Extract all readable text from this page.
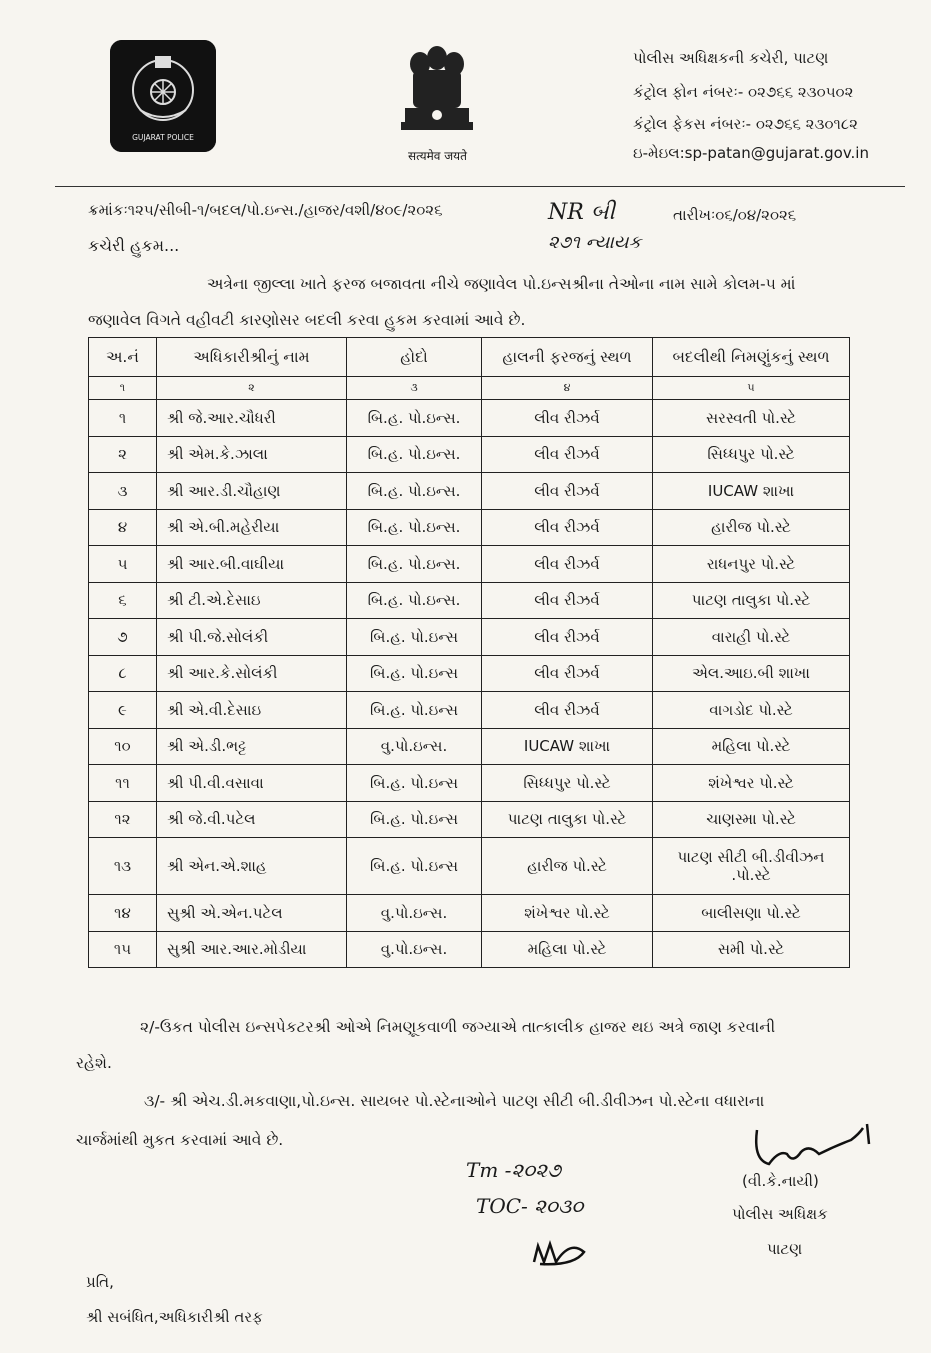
GUJARAT POLICE
सत्यमेव जयते
પોલીસ અધિક્ષકની કચેરી, પાટણ
કંટ્રોલ ફોન નંબરઃ- ૦૨૭૬૬ ૨૩૦૫૦૨
કંટ્રોલ ફેકસ નંબરઃ- ૦૨૭૬૬ ૨૩૦૧૮૨
ઇ-મેઇલ:sp-patan@gujarat.gov.in
ક્રમાંકઃ૧૨૫/સીબી-૧/બદલ/પો.ઇન્સ./હાજર/વશી/૪૦૯/૨૦૨૬	NR બી
૨૭૧ ન્યાયક
તારીખઃ૦૬/૦૪/૨૦૨૬
કચેરી હુકમ...
અત્રેના જીલ્લા ખાતે ફરજ બજાવતા નીચે જણાવેલ પો.ઇન્સશ્રીના તેઓના નામ સામે કોલમ-૫ માં
જણાવેલ વિગતે વહીવટી કારણોસર બદલી કરવા હુકમ કરવામાં આવે છે.
અ.નં	અધિકારીશ્રીનું નામ	હોદો	હાલની ફરજનું સ્થળ	બદલીથી નિમણુંકનું સ્થળ
૧	૨	૩	૪	૫
૧	શ્રી જે.આર.ચૌધરી	બિ.હ. પો.ઇન્સ.	લીવ રીઝર્વ	સરસ્વતી પો.સ્ટે
૨	શ્રી એમ.કે.ઝાલા	બિ.હ. પો.ઇન્સ.	લીવ રીઝર્વ	સિધ્ધપુર પો.સ્ટે
૩	શ્રી આર.ડી.ચૌહાણ	બિ.હ. પો.ઇન્સ.	લીવ રીઝર્વ	IUCAW શાખા
૪	શ્રી એ.બી.મહેરીયા	બિ.હ. પો.ઇન્સ.	લીવ રીઝર્વ	હારીજ પો.સ્ટે
૫	શ્રી આર.બી.વાઘીયા	બિ.હ. પો.ઇન્સ.	લીવ રીઝર્વ	રાધનપુર પો.સ્ટે
૬	શ્રી ટી.એ.દેસાઇ	બિ.હ. પો.ઇન્સ.	લીવ રીઝર્વ	પાટણ તાલુકા પો.સ્ટે
૭	શ્રી પી.જે.સોલંકી	બિ.હ. પો.ઇન્સ	લીવ રીઝર્વ	વારાહી પો.સ્ટે
૮	શ્રી આર.કે.સોલંકી	બિ.હ. પો.ઇન્સ	લીવ રીઝર્વ	એલ.આઇ.બી શાખા
૯	શ્રી એ.વી.દેસાઇ	બિ.હ. પો.ઇન્સ	લીવ રીઝર્વ	વાગડોદ પો.સ્ટે
૧૦	શ્રી એ.ડી.ભટ્ટ	વુ.પો.ઇન્સ.	IUCAW શાખા	મહિલા પો.સ્ટે
૧૧	શ્રી પી.વી.વસાવા	બિ.હ. પો.ઇન્સ	સિધ્ધપુર પો.સ્ટે	શંખેશ્વર પો.સ્ટે
૧૨	શ્રી જે.વી.પટેલ	બિ.હ. પો.ઇન્સ	પાટણ તાલુકા પો.સ્ટે	ચાણસ્મા પો.સ્ટે
૧૩	શ્રી એન.એ.શાહ	બિ.હ. પો.ઇન્સ	હારીજ પો.સ્ટે	પાટણ સીટી બી.ડીવીઝન .પો.સ્ટે
૧૪	સુશ્રી એ.એન.પટેલ	વુ.પો.ઇન્સ.	શંખેશ્વર પો.સ્ટે	બાલીસણા પો.સ્ટે
૧૫	સુશ્રી આર.આર.મોડીયા	વુ.પો.ઇન્સ.	મહિલા પો.સ્ટે	સમી પો.સ્ટે
૨/-ઉકત પોલીસ ઇન્સપેકટરશ્રી ઓએ નિમણૂકવાળી જગ્યાએ તાત્કાલીક હાજર થઇ અત્રે જાણ કરવાની
રહેશે.
૩/- શ્રી એચ.ડી.મકવાણા,પો.ઇન્સ. સાયબર પો.સ્ટેનાઓને પાટણ સીટી બી.ડીવીઝન પો.સ્ટેના વધારાના
ચાર્જમાંથી મુકત કરવામાં આવે છે.
Tm -૨૦૨૭
TOC- ૨૦૩૦
(વી.કે.નાયી)
પોલીસ અધિક્ષક
પાટણ
પ્રતિ,
શ્રી સબંધિત,અધિકારીશ્રી તરફ
